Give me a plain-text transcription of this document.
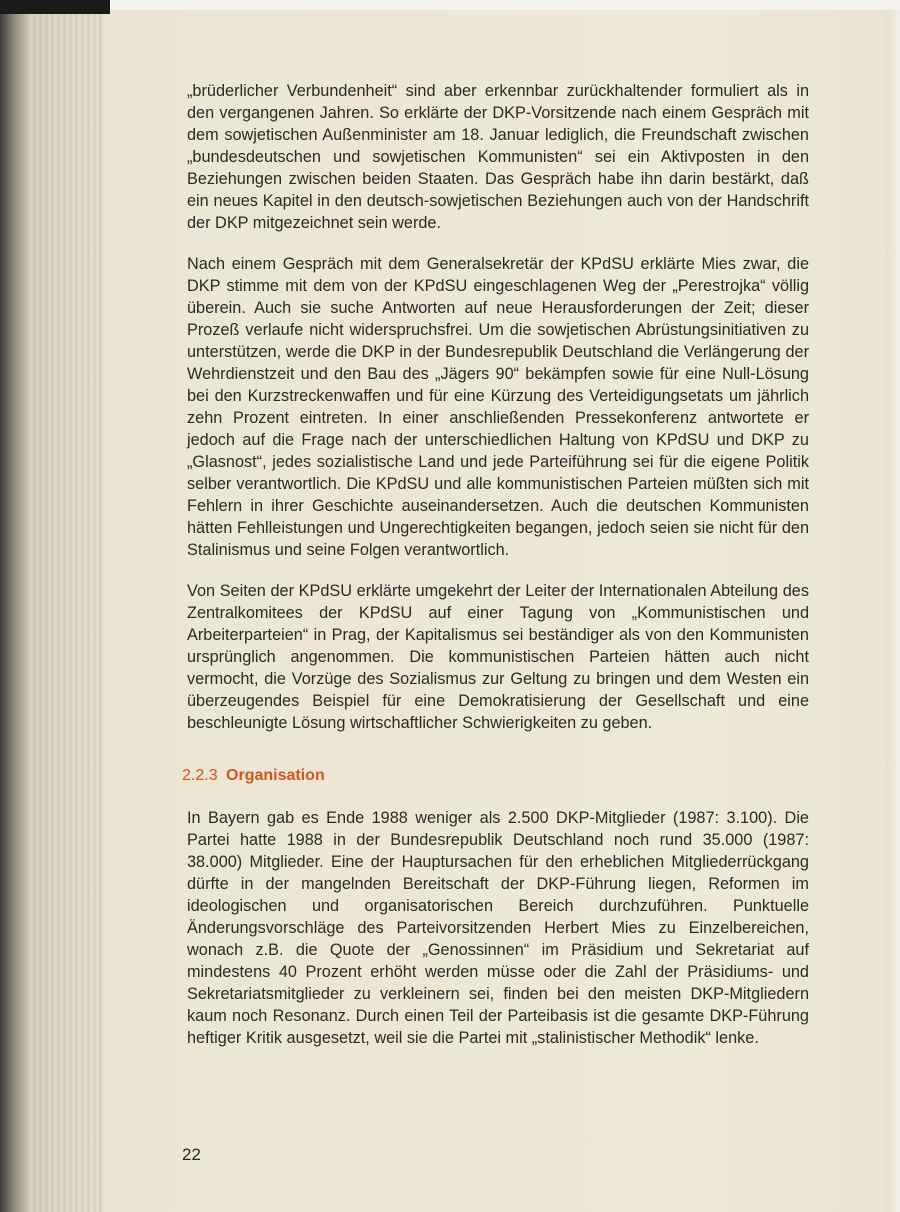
„brüderlicher Verbundenheit“ sind aber erkennbar zurückhaltender formuliert als in den vergangenen Jahren. So erklärte der DKP-Vorsitzende nach einem Gespräch mit dem sowjetischen Außenminister am 18. Januar lediglich, die Freundschaft zwischen „bundesdeutschen und sowjetischen Kommunisten“ sei ein Aktivposten in den Beziehungen zwischen beiden Staaten. Das Gespräch habe ihn darin bestärkt, daß ein neues Kapitel in den deutsch-sowjetischen Beziehungen auch von der Handschrift der DKP mitgezeichnet sein werde.

Nach einem Gespräch mit dem Generalsekretär der KPdSU erklärte Mies zwar, die DKP stimme mit dem von der KPdSU eingeschlagenen Weg der „Perestrojka“ völlig überein. Auch sie suche Antworten auf neue Herausforderungen der Zeit; dieser Prozeß verlaufe nicht widerspruchsfrei. Um die sowjetischen Abrüstungsinitiativen zu unterstützen, werde die DKP in der Bundesrepublik Deutschland die Verlängerung der Wehrdienstzeit und den Bau des „Jägers 90“ bekämpfen sowie für eine Null-Lösung bei den Kurzstreckenwaffen und für eine Kürzung des Verteidigungsetats um jährlich zehn Prozent eintreten. In einer anschließenden Pressekonferenz antwortete er jedoch auf die Frage nach der unterschiedlichen Haltung von KPdSU und DKP zu „Glasnost“, jedes sozialistische Land und jede Parteiführung sei für die eigene Politik selber verantwortlich. Die KPdSU und alle kommunistischen Parteien müßten sich mit Fehlern in ihrer Geschichte auseinandersetzen. Auch die deutschen Kommunisten hätten Fehlleistungen und Ungerechtigkeiten begangen, jedoch seien sie nicht für den Stalinismus und seine Folgen verantwortlich.

Von Seiten der KPdSU erklärte umgekehrt der Leiter der Internationalen Abteilung des Zentralkomitees der KPdSU auf einer Tagung von „Kommunistischen und Arbeiterparteien“ in Prag, der Kapitalismus sei beständiger als von den Kommunisten ursprünglich angenommen. Die kommunistischen Parteien hätten auch nicht vermocht, die Vorzüge des Sozialismus zur Geltung zu bringen und dem Westen ein überzeugendes Beispiel für eine Demokratisierung der Gesellschaft und eine beschleunigte Lösung wirtschaftlicher Schwierigkeiten zu geben.

2.2.3 Organisation

In Bayern gab es Ende 1988 weniger als 2.500 DKP-Mitglieder (1987: 3.100). Die Partei hatte 1988 in der Bundesrepublik Deutschland noch rund 35.000 (1987: 38.000) Mitglieder. Eine der Hauptursachen für den erheblichen Mitgliederrückgang dürfte in der mangelnden Bereitschaft der DKP-Führung liegen, Reformen im ideologischen und organisatorischen Bereich durchzuführen. Punktuelle Änderungsvorschläge des Parteivorsitzenden Herbert Mies zu Einzelbereichen, wonach z.B. die Quote der „Genossinnen“ im Präsidium und Sekretariat auf mindestens 40 Prozent erhöht werden müsse oder die Zahl der Präsidiums- und Sekretariatsmitglieder zu verkleinern sei, finden bei den meisten DKP-Mitgliedern kaum noch Resonanz. Durch einen Teil der Parteibasis ist die gesamte DKP-Führung heftiger Kritik ausgesetzt, weil sie die Partei mit „stalinistischer Methodik“ lenke.

22
